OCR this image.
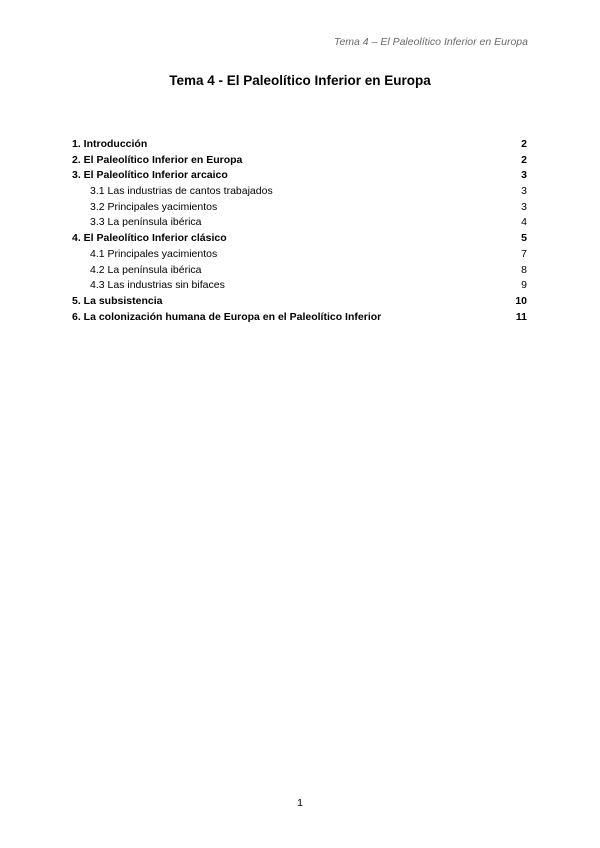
Tema 4 – El Paleolítico Inferior en Europa
Tema 4 - El Paleolítico Inferior en Europa
1. Introducción	2
2. El Paleolítico Inferior en Europa	2
3. El Paleolítico Inferior arcaico	3
3.1 Las industrias de cantos trabajados	3
3.2 Principales yacimientos	3
3.3 La península ibérica	4
4. El Paleolítico Inferior clásico	5
4.1 Principales yacimientos	7
4.2 La península ibérica	8
4.3 Las industrias sin bifaces	9
5. La subsistencia	10
6. La colonización humana de Europa en el Paleolítico Inferior	11
1
